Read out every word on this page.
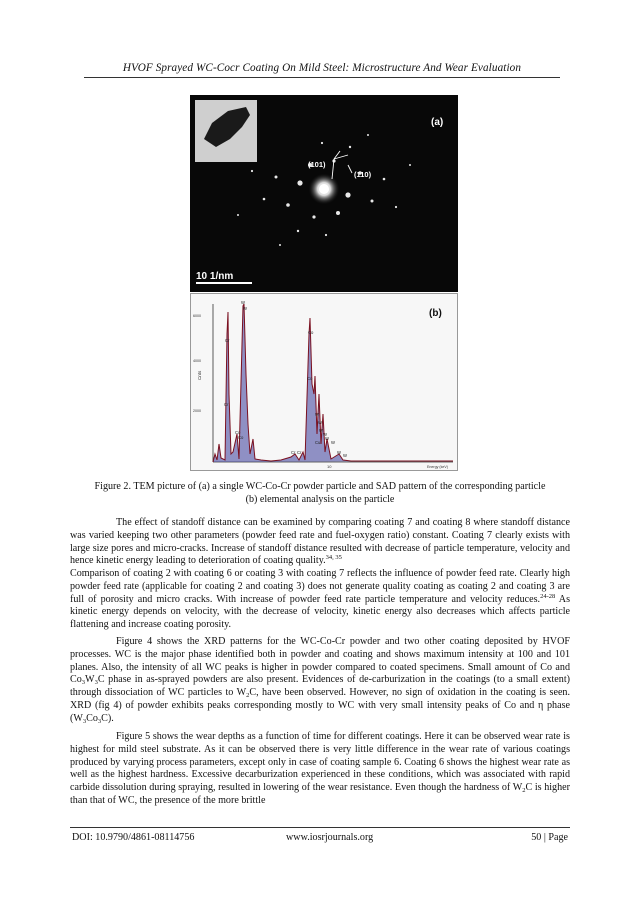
HVOF Sprayed WC-Cocr Coating On Mild Steel: Microstructure And Wear Evaluation
(a)
(101)
(110)
10 1/nm
Cnts
Energy (keV)
6000
4000
2000
10
W
W
Cr
Cr
Co
Co
Cr Cr
Co
Co
W
W
W
W
W
Cu	W
W
W
(b)
Figure 2. TEM picture of (a) a single WC-Co-Cr powder particle and SAD pattern of the corresponding particle
(b) elemental analysis on the particle

The effect of standoff distance can be examined by comparing coating 7 and coating 8 where standoff distance was varied keeping two other parameters (powder feed rate and fuel-oxygen ratio) constant. Coating 7 clearly exists with large size pores and micro-cracks. Increase of standoff distance resulted with decrease of particle temperature, velocity and hence kinetic energy leading to deterioration of coating quality.$^{34, 35}$

Comparison of coating 2 with coating 6 or coating 3 with coating 7 reflects the influence of powder feed rate. Clearly high powder feed rate (applicable for coating 2 and coating 3) does not generate quality coating as coating 2 and coating 3 are full of porosity and micro cracks. With increase of powder feed rate particle temperature and velocity reduces.$^{24-28}$ As kinetic energy depends on velocity, with the decrease of velocity, kinetic energy also decreases which affects particle flattening and increase coating porosity.

Figure 4 shows the XRD patterns for the WC-Co-Cr powder and two other coating deposited by HVOF processes. WC is the major phase identified both in powder and coating and shows maximum intensity at 100 and 101 planes. Also, the intensity of all WC peaks is higher in powder compared to coated specimens. Small amount of Co and $Co_3W_3C$ phase in as-sprayed powders are also present. Evidences of de-carburization in the coatings (to a small extent) through dissociation of WC particles to $W_2C$, have been observed. However, no sign of oxidation in the coating is seen. XRD (fig 4) of powder exhibits peaks corresponding mostly to WC with very small intensity peaks of Co and η phase $(W_3Co_3C)$.

Figure 5 shows the wear depths as a function of time for different coatings. Here it can be observed wear rate is highest for mild steel substrate. As it can be observed there is very little difference in the wear rate of various coatings produced by varying process parameters, except only in case of coating sample 6. Coating 6 shows the highest wear rate as well as the highest hardness. Excessive decarburization experienced in these conditions, which was associated with rapid carbide dissolution during spraying, resulted in lowering of the wear resistance. Even though the hardness of $W_2C$ is higher than that of WC, the presence of the more brittle

DOI: 10.9790/4861-08114756	www.iosrjournals.org	50 | Page
